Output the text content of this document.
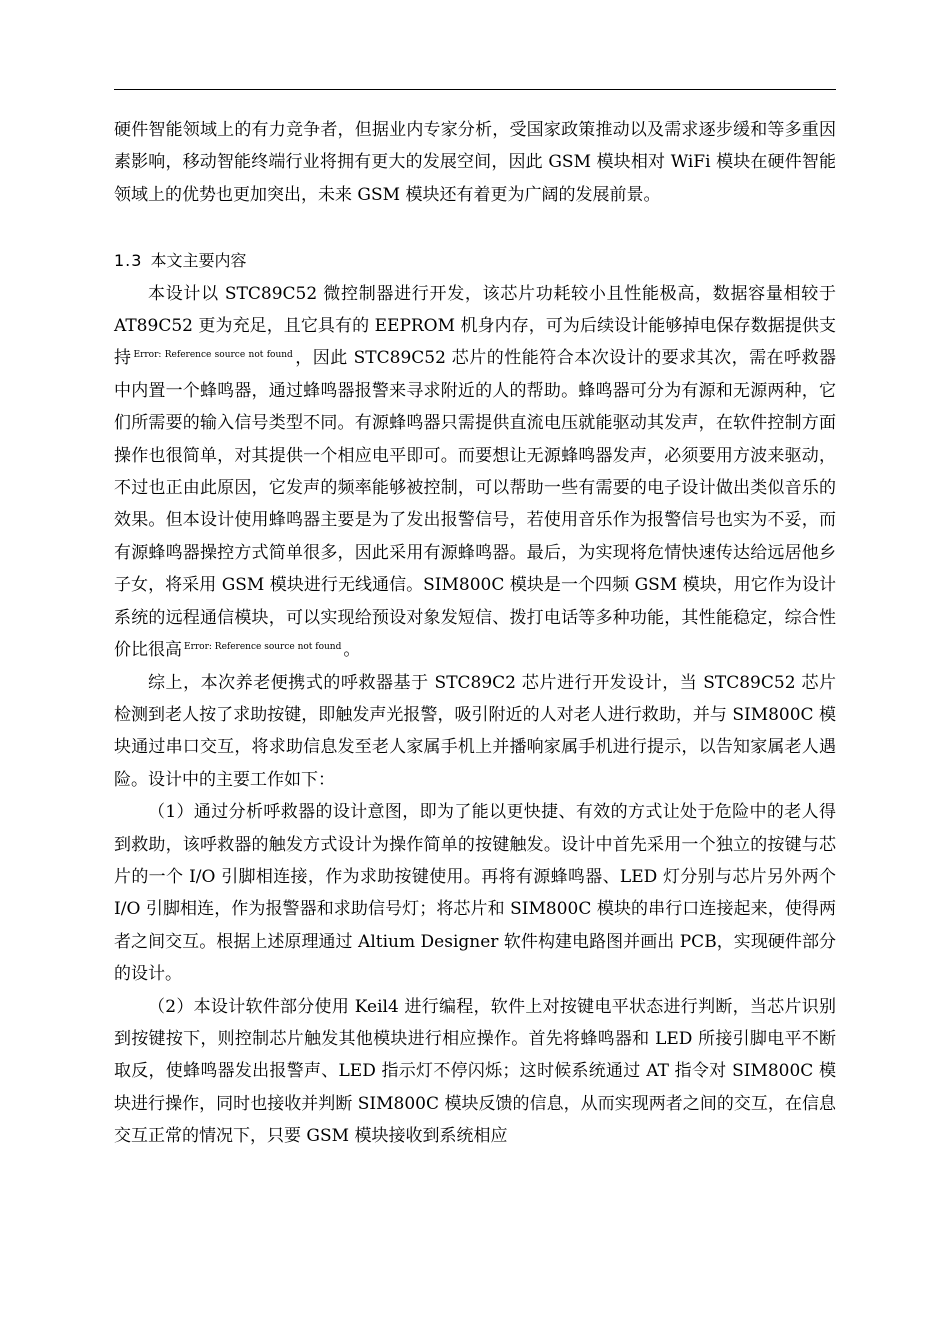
硬件智能领域上的有力竞争者，但据业内专家分析，受国家政策推动以及需求逐步缓和等多重因素影响，移动智能终端行业将拥有更大的发展空间，因此 GSM 模块相对 WiFi 模块在硬件智能领域上的优势也更加突出，未来 GSM 模块还有着更为广阔的发展前景。

1.3 本文主要内容

本设计以 STC89C52 微控制器进行开发，该芯片功耗较小且性能极高，数据容量相较于 AT89C52 更为充足，且它具有的 EEPROM 机身内存，可为后续设计能够掉电保存数据提供支持 $^{Error: Reference source not found}$ ，因此 STC89C52 芯片的性能符合本次设计的要求其次，需在呼救器中内置一个蜂鸣器，通过蜂鸣器报警来寻求附近的人的帮助。蜂鸣器可分为有源和无源两种，它们所需要的输入信号类型不同。有源蜂鸣器只需提供直流电压就能驱动其发声，在软件控制方面操作也很简单，对其提供一个相应电平即可。而要想让无源蜂鸣器发声，必须要用方波来驱动，不过也正由此原因，它发声的频率能够被控制，可以帮助一些有需要的电子设计做出类似音乐的效果。但本设计使用蜂鸣器主要是为了发出报警信号，若使用音乐作为报警信号也实为不妥，而有源蜂鸣器操控方式简单很多，因此采用有源蜂鸣器。最后，为实现将危情快速传达给远居他乡子女，将采用 GSM 模块进行无线通信。SIM800C 模块是一个四频 GSM 模块，用它作为设计系统的远程通信模块，可以实现给预设对象发短信、拨打电话等多种功能，其性能稳定，综合性价比很高 $^{Error: Reference source not found}$ 。

综上，本次养老便携式的呼救器基于 STC89C2 芯片进行开发设计，当 STC89C52 芯片检测到老人按了求助按键，即触发声光报警，吸引附近的人对老人进行救助，并与 SIM800C 模块通过串口交互，将求助信息发至老人家属手机上并播响家属手机进行提示，以告知家属老人遇险。设计中的主要工作如下：

（1）通过分析呼救器的设计意图，即为了能以更快捷、有效的方式让处于危险中的老人得到救助，该呼救器的触发方式设计为操作简单的按键触发。设计中首先采用一个独立的按键与芯片的一个 I/O 引脚相连接，作为求助按键使用。再将有源蜂鸣器、LED 灯分别与芯片另外两个 I/O 引脚相连，作为报警器和求助信号灯；将芯片和 SIM800C 模块的串行口连接起来，使得两者之间交互。根据上述原理通过 Altium Designer 软件构建电路图并画出 PCB，实现硬件部分的设计。

（2）本设计软件部分使用 Keil4 进行编程，软件上对按键电平状态进行判断，当芯片识别到按键按下，则控制芯片触发其他模块进行相应操作。首先将蜂鸣器和 LED 所接引脚电平不断取反，使蜂鸣器发出报警声、LED 指示灯不停闪烁；这时候系统通过 AT 指令对 SIM800C 模块进行操作，同时也接收并判断 SIM800C 模块反馈的信息，从而实现两者之间的交互，在信息交互正常的情况下，只要 GSM 模块接收到系统相应
